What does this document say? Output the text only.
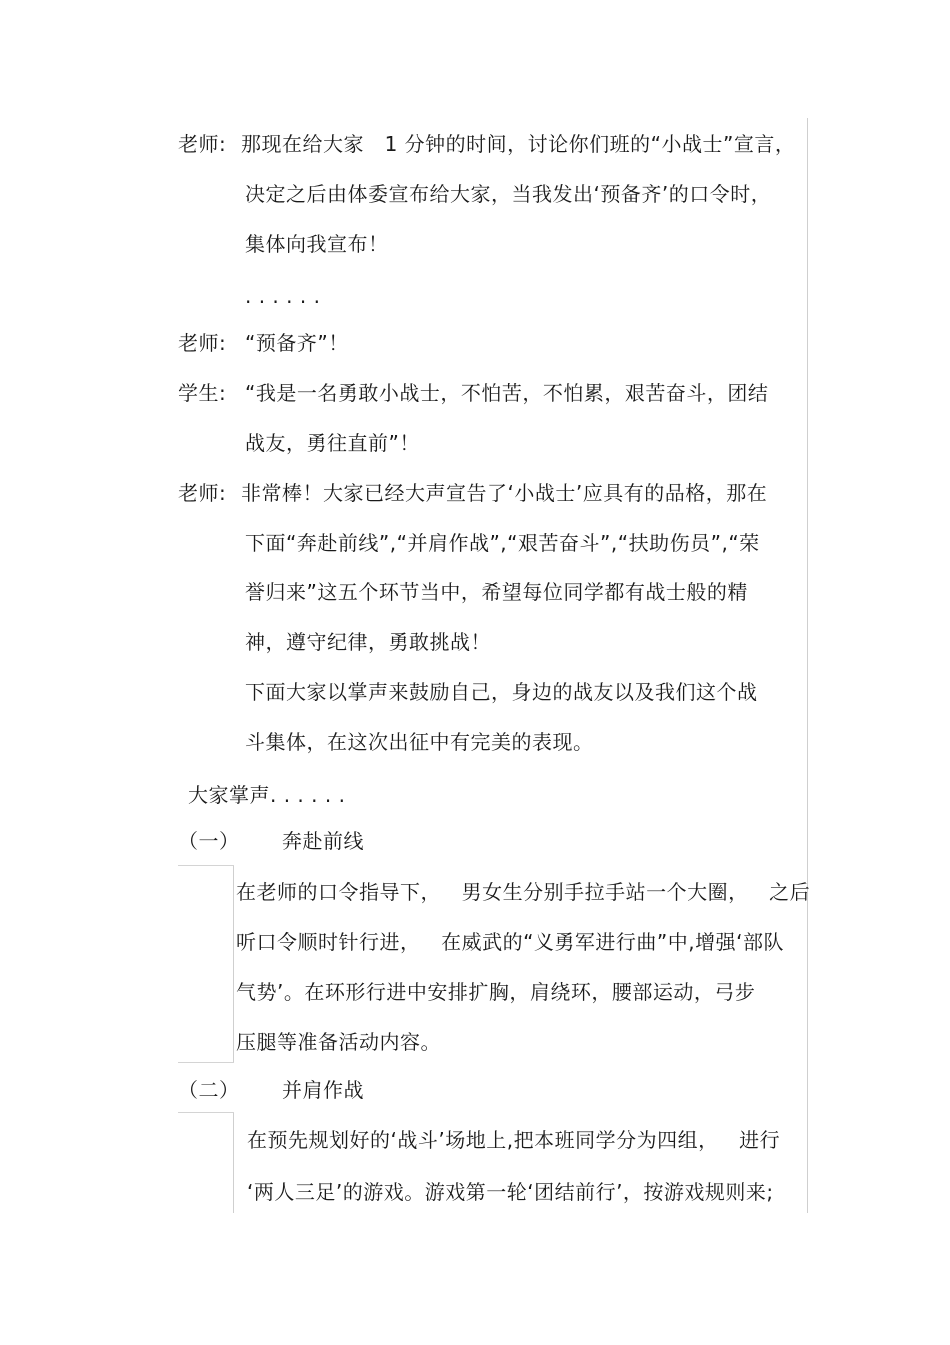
老师: 那现在给大家   1 分钟的时间，讨论你们班的“小战士”宣言，
决定之后由体委宣布给大家，当我发出‘预备齐’的口令时，
集体向我宣布！
. . . . . .
老师: “预备齐”！
学生: “我是一名勇敢小战士，不怕苦，不怕累，艰苦奋斗，团结
战友，勇往直前”！
老师: 非常棒！大家已经大声宣告了‘小战士’应具有的品格，那在
下面“奔赴前线”,“并肩作战”,“艰苦奋斗”,“扶助伤员”,“荣
誉归来”这五个环节当中，希望每位同学都有战士般的精
神，遵守纪律，勇敢挑战！
下面大家以掌声来鼓励自己，身边的战友以及我们这个战
斗集体，在这次出征中有完美的表现。
大家掌声. . . . . .
（一） 奔赴前线
在老师的口令指导下，   男女生分别手拉手站一个大圈，   之后
听口令顺时针行进，   在威武的“义勇军进行曲”中,增强‘部队
气势’。在环形行进中安排扩胸，肩绕环，腰部运动，弓步
压腿等准备活动内容。
（二） 并肩作战
在预先规划好的‘战斗’场地上,把本班同学分为四组，   进行
‘两人三足’的游戏。游戏第一轮‘团结前行’，按游戏规则来;
